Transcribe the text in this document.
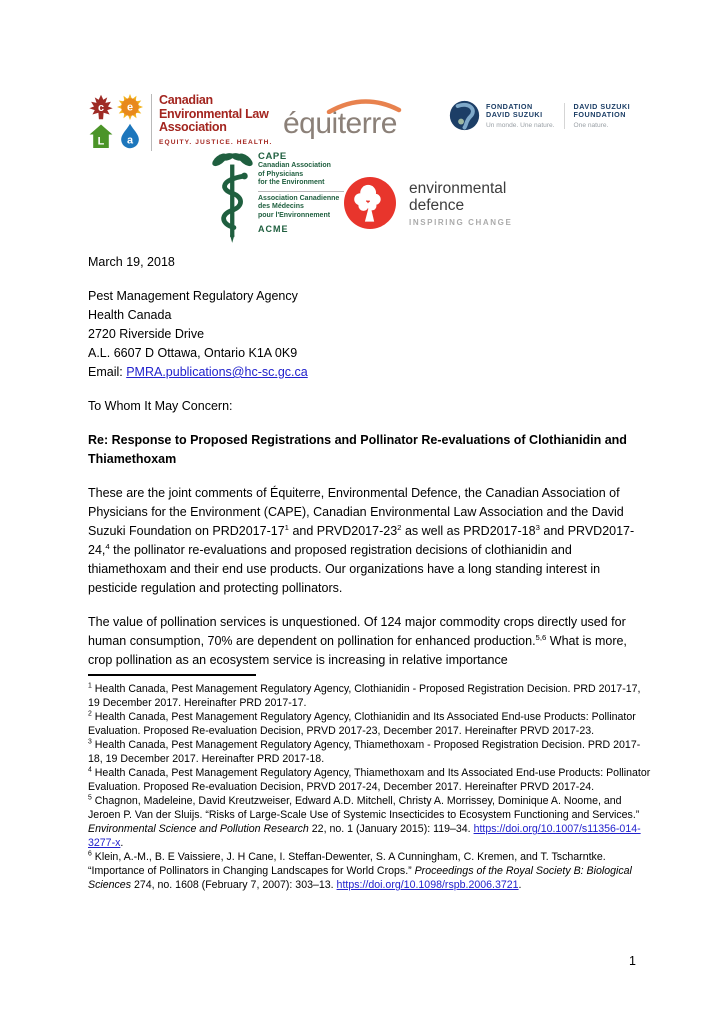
c e
L a
Canadian
Environmental Law
Association
EQUITY. JUSTICE. HEALTH.
équiterre
FONDATION
DAVID SUZUKI
Un monde. Une nature.
DAVID SUZUKI
FOUNDATION
One nature.
CAPE
Canadian Association
of Physicians
for the Environment
Association Canadienne
des Médecins
pour l'Environnement
ACME
environmental
defence
INSPIRING CHANGE
March 19, 2018
Pest Management Regulatory Agency
Health Canada
2720 Riverside Drive
A.L. 6607 D Ottawa, Ontario K1A 0K9
Email: PMRA.publications@hc-sc.gc.ca
To Whom It May Concern:
Re: Response to Proposed Registrations and Pollinator Re-evaluations of Clothianidin and Thiamethoxam
These are the joint comments of Équiterre, Environmental Defence, the Canadian Association of Physicians for the Environment (CAPE), Canadian Environmental Law Association and the David Suzuki Foundation on $PRD2017-17^1$ and $PRVD2017-23^2$ as well as $PRD2017-18^3$ and PRVD2017-24,$^4$ the pollinator re-evaluations and proposed registration decisions of clothianidin and thiamethoxam and their end use products. Our organizations have a long standing interest in pesticide regulation and protecting pollinators.
The value of pollination services is unquestioned. Of 124 major commodity crops directly used for human consumption, 70% are dependent on pollination for enhanced production.$^{5,6}$ What is more, crop pollination as an ecosystem service is increasing in relative importance
$^1$ Health Canada, Pest Management Regulatory Agency, Clothianidin - Proposed Registration Decision. PRD 2017-17, 19 December 2017. Hereinafter PRD 2017-17.
$^2$ Health Canada, Pest Management Regulatory Agency, Clothianidin and Its Associated End-use Products: Pollinator Evaluation. Proposed Re-evaluation Decision, PRVD 2017-23, December 2017. Hereinafter PRVD 2017-23.
$^3$ Health Canada, Pest Management Regulatory Agency, Thiamethoxam - Proposed Registration Decision. PRD 2017-18, 19 December 2017. Hereinafter PRD 2017-18.
$^4$ Health Canada, Pest Management Regulatory Agency, Thiamethoxam and Its Associated End-use Products: Pollinator Evaluation. Proposed Re-evaluation Decision, PRVD 2017-24, December 2017. Hereinafter PRVD 2017-24.
$^5$ Chagnon, Madeleine, David Kreutzweiser, Edward A.D. Mitchell, Christy A. Morrissey, Dominique A. Noome, and Jeroen P. Van der Sluijs. “Risks of Large-Scale Use of Systemic Insecticides to Ecosystem Functioning and Services.” Environmental Science and Pollution Research 22, no. 1 (January 2015): 119–34. https://doi.org/10.1007/s11356-014-3277-x.
$^6$ Klein, A.-M., B. E Vaissiere, J. H Cane, I. Steffan-Dewenter, S. A Cunningham, C. Kremen, and T. Tscharntke. “Importance of Pollinators in Changing Landscapes for World Crops.” Proceedings of the Royal Society B: Biological Sciences 274, no. 1608 (February 7, 2007): 303–13. https://doi.org/10.1098/rspb.2006.3721.
1
